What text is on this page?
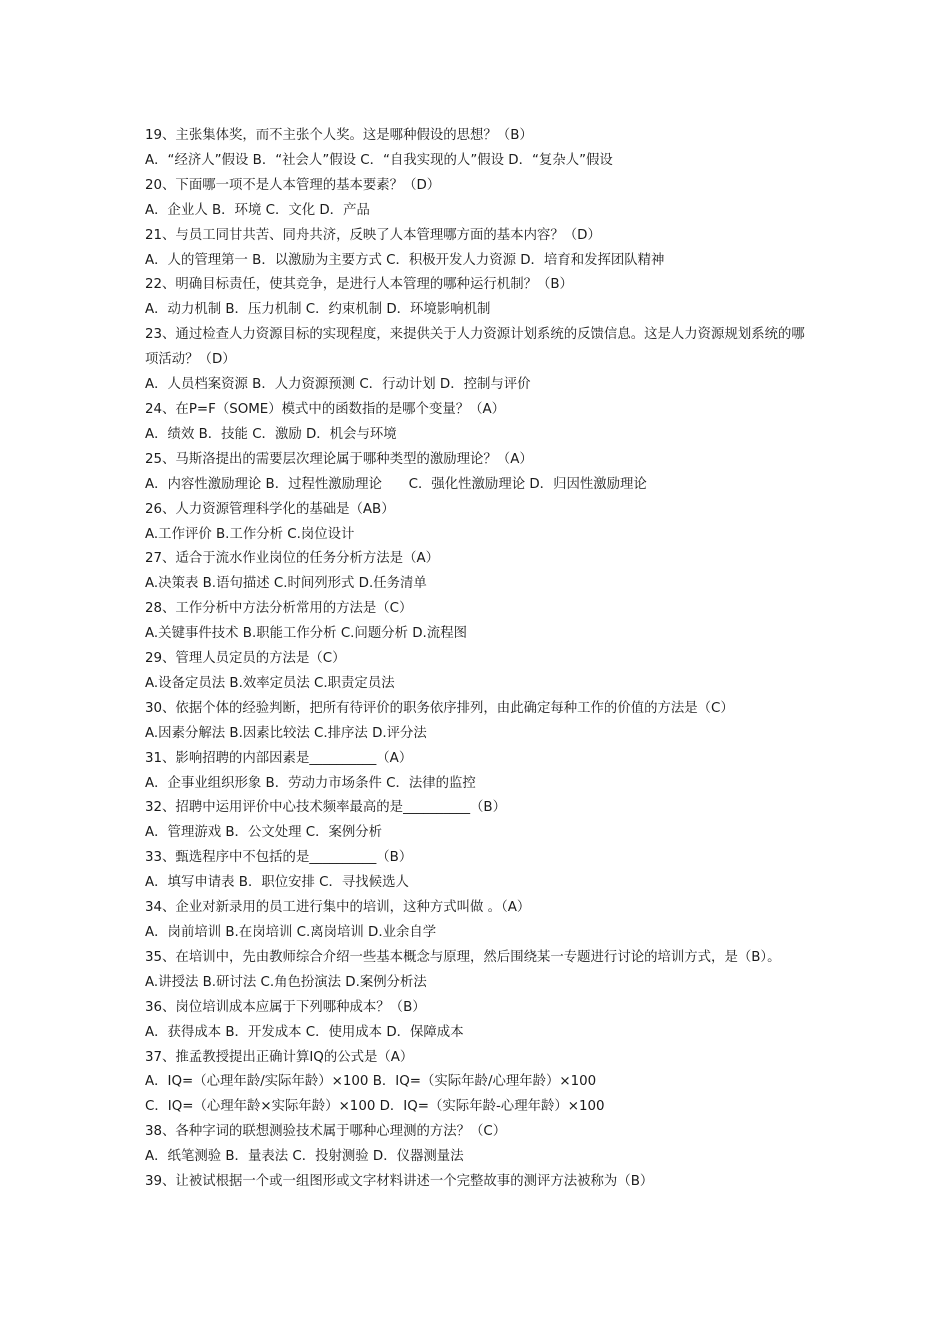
19、主张集体奖，而不主张个人奖。这是哪种假设的思想？（B）
A．“经济人”假设 B．“社会人”假设 C．“自我实现的人”假设 D．“复杂人”假设
20、下面哪一项不是人本管理的基本要素？（D）
A．企业人 B．环境 C．文化 D．产品
21、与员工同甘共苦、同舟共济，反映了人本管理哪方面的基本内容？（D）
A．人的管理第一 B．以激励为主要方式 C．积极开发人力资源 D．培育和发挥团队精神
22、明确目标责任，使其竞争，是进行人本管理的哪种运行机制？（B）
A．动力机制 B．压力机制 C．约束机制 D．环境影响机制
23、通过检查人力资源目标的实现程度，来提供关于人力资源计划系统的反馈信息。这是人力资源规划系统的哪项活动？（D）
A．人员档案资源 B．人力资源预测 C．行动计划 D．控制与评价
24、在P=F（SOME）模式中的函数指的是哪个变量？（A）
A．绩效 B．技能 C．激励 D．机会与环境
25、马斯洛提出的需要层次理论属于哪种类型的激励理论？（A）
A．内容性激励理论 B．过程性激励理论　　C．强化性激励理论 D．归因性激励理论
26、人力资源管理科学化的基础是（AB）
A.工作评价 B.工作分析 C.岗位设计
27、适合于流水作业岗位的任务分析方法是（A）
A.决策表 B.语句描述 C.时间列形式 D.任务清单
28、工作分析中方法分析常用的方法是（C）
A.关键事件技术 B.职能工作分析 C.问题分析 D.流程图
29、管理人员定员的方法是（C）
A.设备定员法 B.效率定员法 C.职责定员法
30、依据个体的经验判断，把所有待评价的职务依序排列，由此确定每种工作的价值的方法是（C）
A.因素分解法 B.因素比较法 C.排序法 D.评分法
31、影响招聘的内部因素是__________（A）
A．企事业组织形象 B．劳动力市场条件 C．法律的监控
32、招聘中运用评价中心技术频率最高的是__________（B）
A．管理游戏 B．公文处理 C．案例分析
33、甄选程序中不包括的是__________（B）
A．填写申请表 B．职位安排 C．寻找候选人
34、企业对新录用的员工进行集中的培训，这种方式叫做 。（A）
A．岗前培训 B.在岗培训 C.离岗培训 D.业余自学
35、在培训中，先由教师综合介绍一些基本概念与原理，然后围绕某一专题进行讨论的培训方式，是（B）。
A.讲授法 B.研讨法 C.角色扮演法 D.案例分析法
36、岗位培训成本应属于下列哪种成本？（B）
A．获得成本 B．开发成本 C．使用成本 D．保障成本
37、推孟教授提出正确计算IQ的公式是（A）
A．IQ=（心理年龄/实际年龄）×100 B．IQ=（实际年龄/心理年龄）×100
C．IQ=（心理年龄×实际年龄）×100 D．IQ=（实际年龄-心理年龄）×100
38、各种字词的联想测验技术属于哪种心理测的方法？（C）
A．纸笔测验 B．量表法 C．投射测验 D．仪器测量法
39、让被试根据一个或一组图形或文字材料讲述一个完整故事的测评方法被称为（B）
